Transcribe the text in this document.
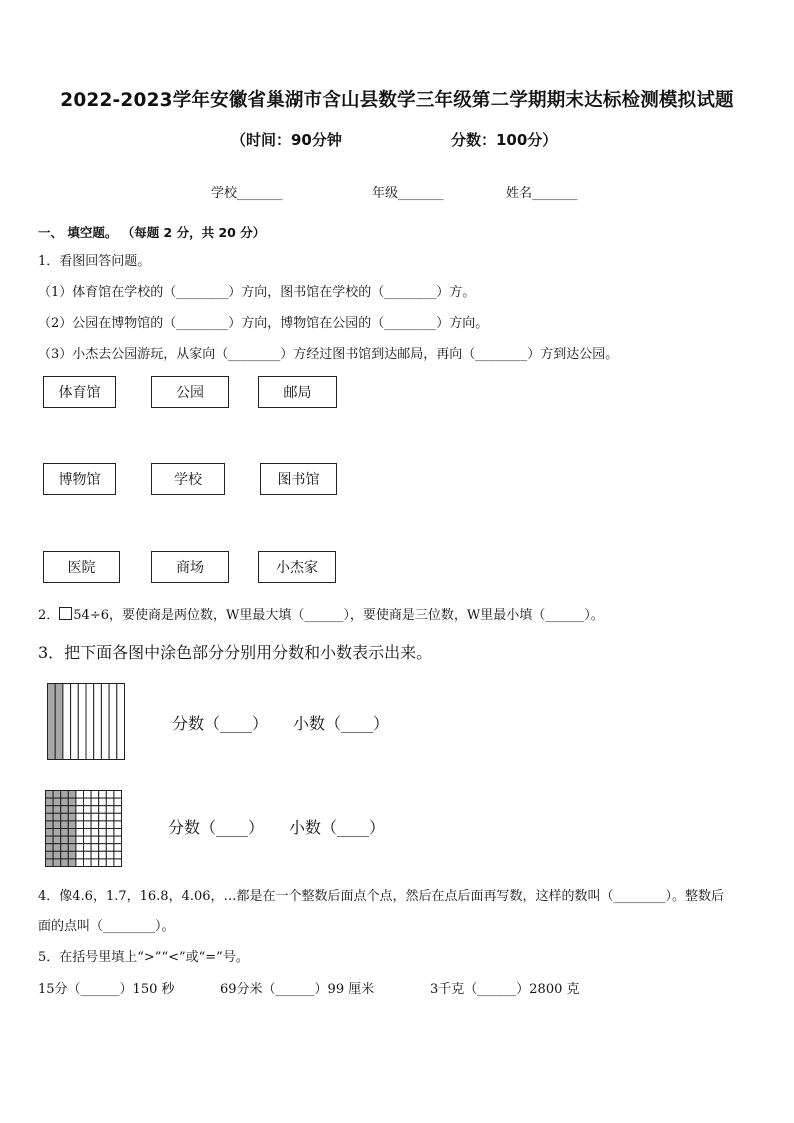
2022-2023学年安徽省巢湖市含山县数学三年级第二学期期末达标检测模拟试题
（时间：90分钟	分数：100分）
学校_______	年级_______	姓名_______
一、 填空题。 （每题 2 分，共 20 分）
1．看图回答问题。
（1）体育馆在学校的（________）方向，图书馆在学校的（________）方。
（2）公园在博物馆的（________）方向，博物馆在公园的（________）方向。
（3）小杰去公园游玩，从家向（________）方经过图书馆到达邮局，再向（________）方到达公园。
体育馆	公园	邮局
博物馆	学校	图书馆
医院	商场	小杰家
2． 54÷6，要使商是两位数，W里最大填（______），要使商是三位数，W里最小填（______）。
3．把下面各图中涂色部分分别用分数和小数表示出来。
分数（____） 小数（____）
分数（____） 小数（____）
4．像4.6，1.7，16.8，4.06，…都是在一个整数后面点个点，然后在点后面再写数，这样的数叫（________）。整数后
面的点叫（________）。
5．在括号里填上“>”“<”或“=”号。
15分（______）150 秒	69分米（______）99 厘米	3千克（______）2800 克
